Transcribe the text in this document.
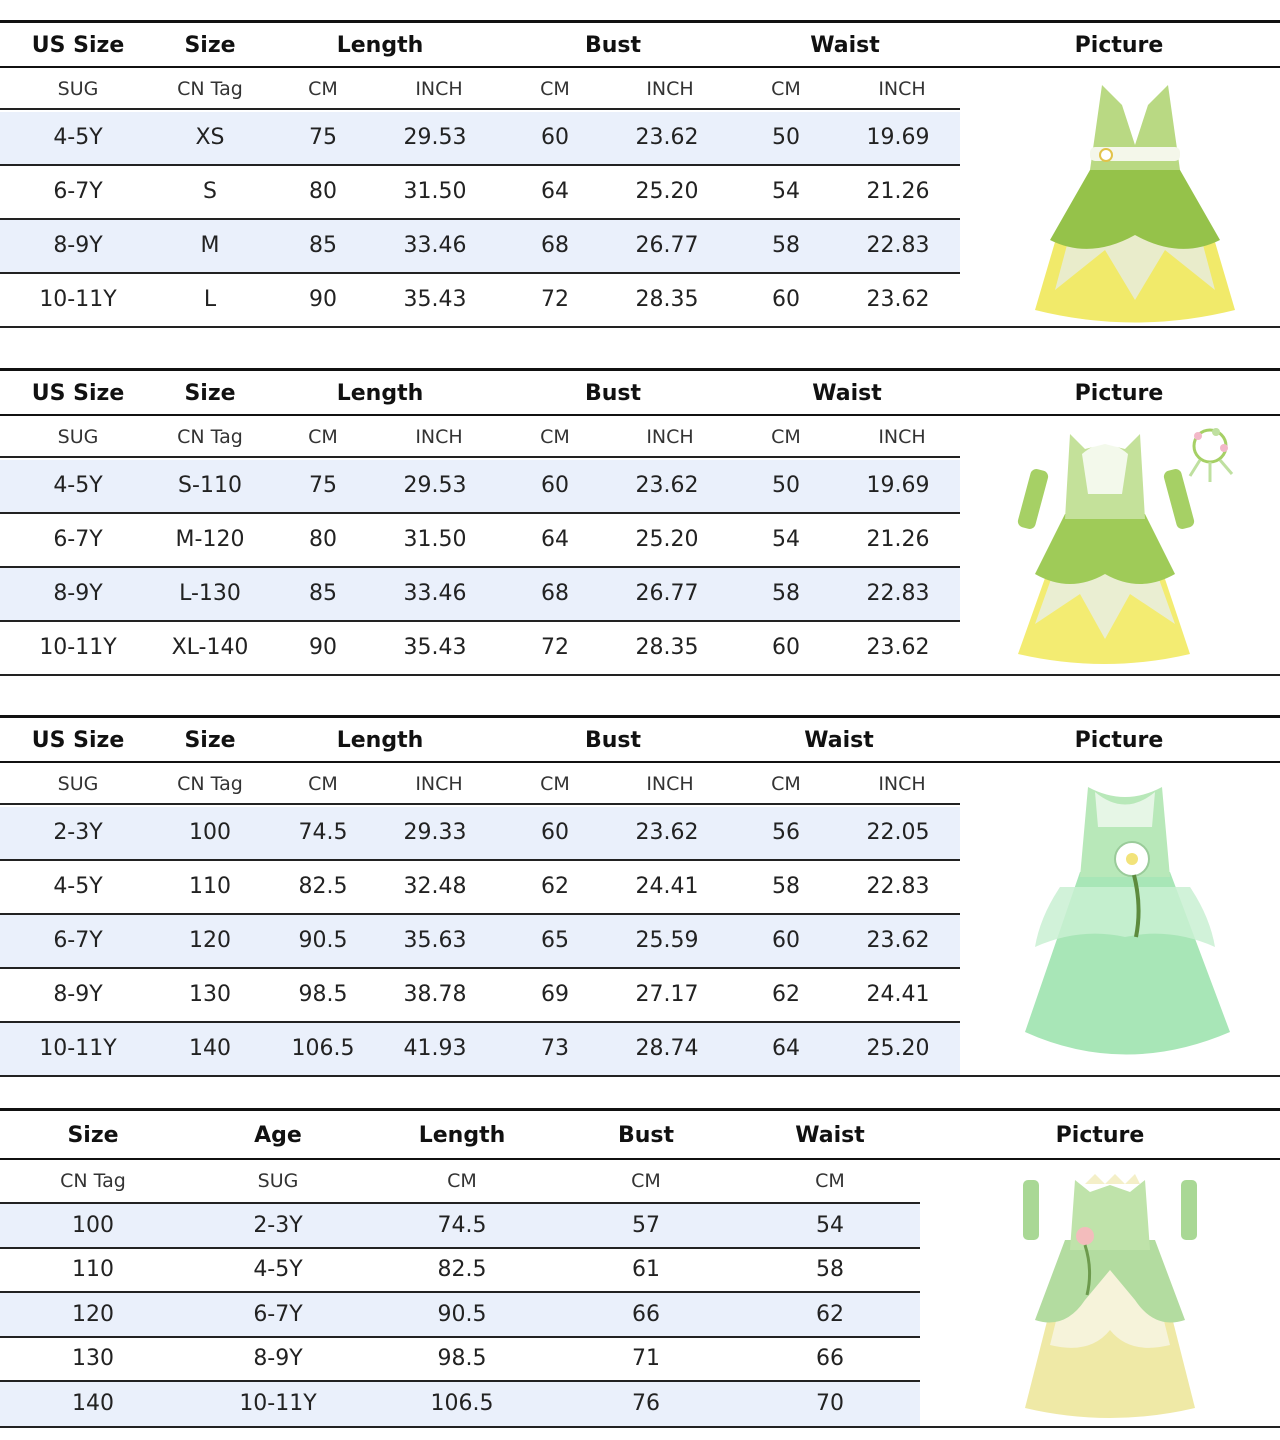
US Size	Size	Length	Bust	Waist	Picture
SUG	CN Tag	CM	INCH	CM	INCH	CM	INCH
4-5Y	XS	75	29.53	60	23.62	50	19.69
6-7Y	S	80	31.50	64	25.20	54	21.26
8-9Y	M	85	33.46	68	26.77	58	22.83
10-11Y	L	90	35.43	72	28.35	60	23.62
US Size	Size	Length	Bust	Waist	Picture
SUG	CN Tag	CM	INCH	CM	INCH	CM	INCH
4-5Y	S-110	75	29.53	60	23.62	50	19.69
6-7Y	M-120	80	31.50	64	25.20	54	21.26
8-9Y	L-130	85	33.46	68	26.77	58	22.83
10-11Y XL-140	90	35.43	72	28.35	60	23.62
US Size	Size	Length	Bust	Waist	Picture
SUG	CN Tag	CM	INCH	CM	INCH	CM	INCH
2-3Y	100	74.5	29.33	60	23.62	56	22.05
4-5Y	110	82.5	32.48	62	24.41	58	22.83
6-7Y	120	90.5	35.63	65	25.59	60	23.62
8-9Y	130	98.5	38.78	69	27.17	62	24.41
10-11Y	140	106.5 41.93	73	28.74	64	25.20
Size	Age	Length	Bust	Waist	Picture
CN Tag	SUG	CM	CM	CM
100	2-3Y	74.5	57	54
110	4-5Y	82.5	61	58
120	6-7Y	90.5	66	62
130	8-9Y	98.5	71	66
140	10-11Y	106.5	76	70
